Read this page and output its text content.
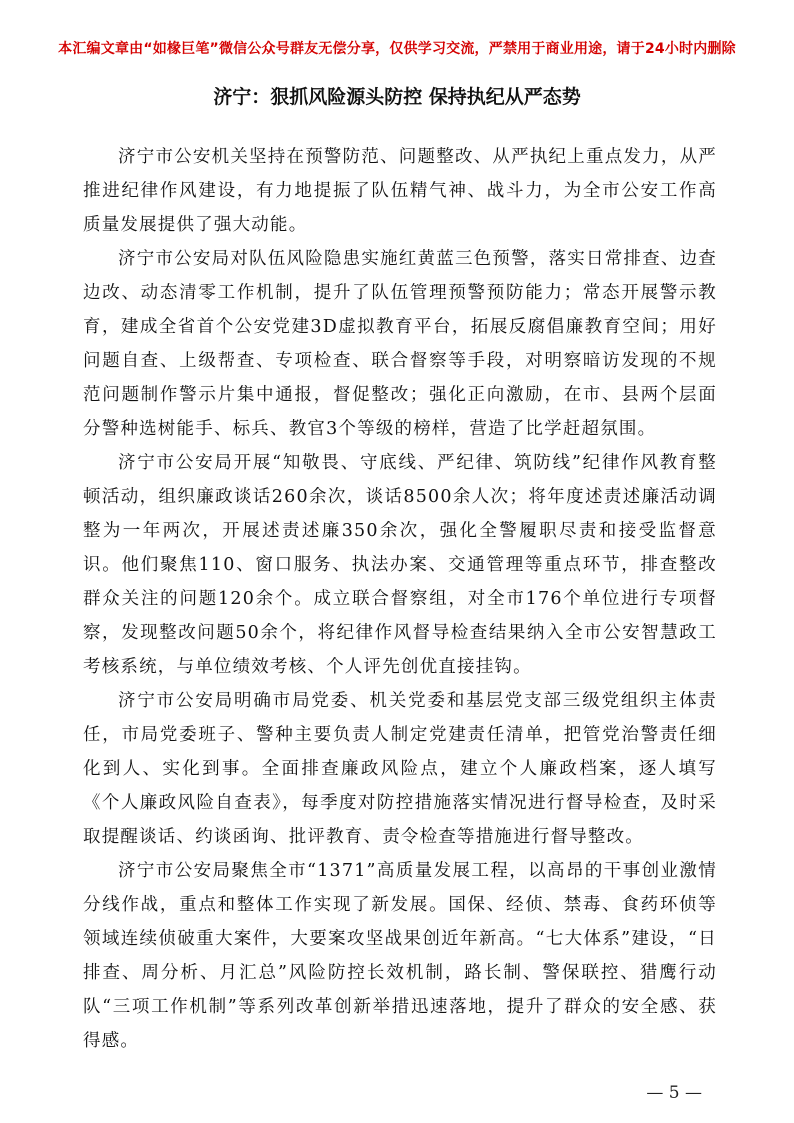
本汇编文章由“如椽巨笔”微信公众号群友无偿分享，仅供学习交流，严禁用于商业用途，请于24小时内删除
济宁：狠抓风险源头防控 保持执纪从严态势

济宁市公安机关坚持在预警防范、问题整改、从严执纪上重点发力，从严推进纪律作风建设，有力地提振了队伍精气神、战斗力，为全市公安工作高质量发展提供了强大动能。

济宁市公安局对队伍风险隐患实施红黄蓝三色预警，落实日常排查、边查边改、动态清零工作机制，提升了队伍管理预警预防能力；常态开展警示教育，建成全省首个公安党建3D虚拟教育平台，拓展反腐倡廉教育空间；用好问题自查、上级帮查、专项检查、联合督察等手段，对明察暗访发现的不规范问题制作警示片集中通报，督促整改；强化正向激励，在市、县两个层面分警种选树能手、标兵、教官3个等级的榜样，营造了比学赶超氛围。

济宁市公安局开展“知敬畏、守底线、严纪律、筑防线”纪律作风教育整顿活动，组织廉政谈话260余次，谈话8500余人次；将年度述责述廉活动调整为一年两次，开展述责述廉350余次，强化全警履职尽责和接受监督意识。他们聚焦110、窗口服务、执法办案、交通管理等重点环节，排查整改群众关注的问题120余个。成立联合督察组，对全市176个单位进行专项督察，发现整改问题50余个，将纪律作风督导检查结果纳入全市公安智慧政工考核系统，与单位绩效考核、个人评先创优直接挂钩。

济宁市公安局明确市局党委、机关党委和基层党支部三级党组织主体责任，市局党委班子、警种主要负责人制定党建责任清单，把管党治警责任细化到人、实化到事。全面排查廉政风险点，建立个人廉政档案，逐人填写《个人廉政风险自查表》，每季度对防控措施落实情况进行督导检查，及时采取提醒谈话、约谈函询、批评教育、责令检查等措施进行督导整改。

济宁市公安局聚焦全市“1371”高质量发展工程，以高昂的干事创业激情分线作战，重点和整体工作实现了新发展。国保、经侦、禁毒、食药环侦等领域连续侦破重大案件，大要案攻坚战果创近年新高。“七大体系”建设，“日排查、周分析、月汇总”风险防控长效机制，路长制、警保联控、猎鹰行动队“三项工作机制”等系列改革创新举措迅速落地，提升了群众的安全感、获得感。

— 5 —
